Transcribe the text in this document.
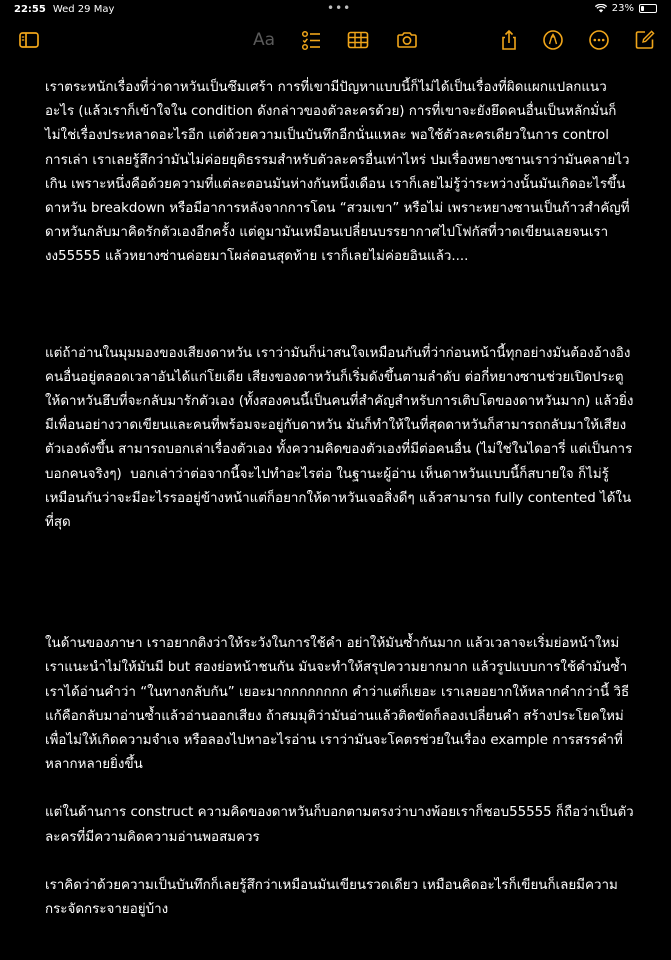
22:55 Wed 29 May	•••	23%
Aa

เราตระหนักเรื่องที่ว่าดาหวันเป็นซึมเศร้า การที่เขามีปัญหาแบบนี้ก็ไม่ได้เป็นเรื่องที่ผิดแผกแปลกแนวอะไร (แล้วเราก็เข้าใจใน condition ดังกล่าวของตัวละครด้วย) การที่เขาจะยังยึดคนอื่นเป็นหลักมั่นก็ไม่ใช่เรื่องประหลาดอะไรอีก แต่ด้วยความเป็นบันทึกอีกนั่นแหละ พอใช้ตัวละครเดียวในการ control การเล่า เราเลยรู้สึกว่ามันไม่ค่อยยุติธรรมสำหรับตัวละครอื่นเท่าไหร่ ปมเรื่องหยางซานเราว่ามันคลายไวเกิน เพราะหนึ่งคือด้วยความที่แต่ละตอนมันห่างกันหนึ่งเดือน เราก็เลยไม่รู้ว่าระหว่างนั้นมันเกิดอะไรขึ้น ดาหวัน breakdown หรือมีอาการหลังจากการโดน “สวมเขา” หรือไม่ เพราะหยางซานเป็นก้าวสำคัญที่ดาหวันกลับมาคิดรักตัวเองอีกครั้ง แต่ดูมามันเหมือนเปลี่ยนบรรยากาศไปโฟกัสที่วาดเขียนเลยจนเรางง55555 แล้วหยางซ่านค่อยมาโผล่ตอนสุดท้าย เราก็เลยไม่ค่อยอินแล้ว....

แต่ถ้าอ่านในมุมมองของเสียงดาหวัน เราว่ามันก็น่าสนใจเหมือนกันที่ว่าก่อนหน้านี้ทุกอย่างมันต้องอ้างอิงคนอื่นอยู่ตลอดเวลาอันได้แก่โยเดีย เสียงของดาหวันก็เริ่มดังขึ้นตามลำดับ ต่อกี่หยางซานช่วยเปิดประตูให้ดาหวันฮึบที่จะกลับมารักตัวเอง (ทั้งสองคนนี้เป็นคนที่สำคัญสำหรับการเติบโตของดาหวันมาก) แล้วยิ่งมีเพื่อนอย่างวาดเขียนและคนที่พร้อมจะอยู่กับดาหวัน มันก็ทำให้ในที่สุดดาหวันก็สามารถกลับมาให้เสียงตัวเองดังขึ้น สามารถบอกเล่าเรื่องตัวเอง ทั้งความคิดของตัวเองที่มีต่อคนอื่น (ไม่ใช่ในไดอารี่ แต่เป็นการบอกคนจริงๆ)  บอกเล่าว่าต่อจากนี้จะไปทำอะไรต่อ ในฐานะผู้อ่าน เห็นดาหวันแบบนี้ก็สบายใจ ก็ไม่รู้เหมือนกันว่าจะมีอะไรรออยู่ข้างหน้าแต่ก็อยากให้ดาหวันเจอสิ่งดีๆ แล้วสามารถ fully contented ได้ในที่สุด

ในด้านของภาษา เราอยากติงว่าให้ระวังในการใช้คำ อย่าให้มันซ้ำกันมาก แล้วเวลาจะเริ่มย่อหน้าใหม่ เราแนะนำไม่ให้มันมี but สองย่อหน้าชนกัน มันจะทำให้สรุปความยากมาก แล้วรูปแบบการใช้คำมันซ้ำ เราได้อ่านคำว่า “ในทางกลับกัน” เยอะมากกกกกกกก คำว่าแต่ก็เยอะ เราเลยอยากให้หลากคำกว่านี้ วิธีแก้คือกลับมาอ่านซ้ำแล้วอ่านออกเสียง ถ้าสมมุติว่ามันอ่านแล้วติดขัดก็ลองเปลี่ยนคำ สร้างประโยคใหม่เพื่อไม่ให้เกิดความจำเจ หรือลองไปหาอะไรอ่าน เราว่ามันจะโคตรช่วยในเรื่อง example การสรรคำที่หลากหลายยิ่งขึ้น

แต่ในด้านการ construct ความคิดของดาหวันก็บอกตามตรงว่าบางพ้อยเราก็ชอบ55555 ก็ถือว่าเป็นตัวละครที่มีความคิดความอ่านพอสมควร

เราคิดว่าด้วยความเป็นบันทึกก็เลยรู้สึกว่าเหมือนมันเขียนรวดเดียว เหมือนคิดอะไรก็เขียนก็เลยมีความกระจัดกระจายอยู่บ้าง
